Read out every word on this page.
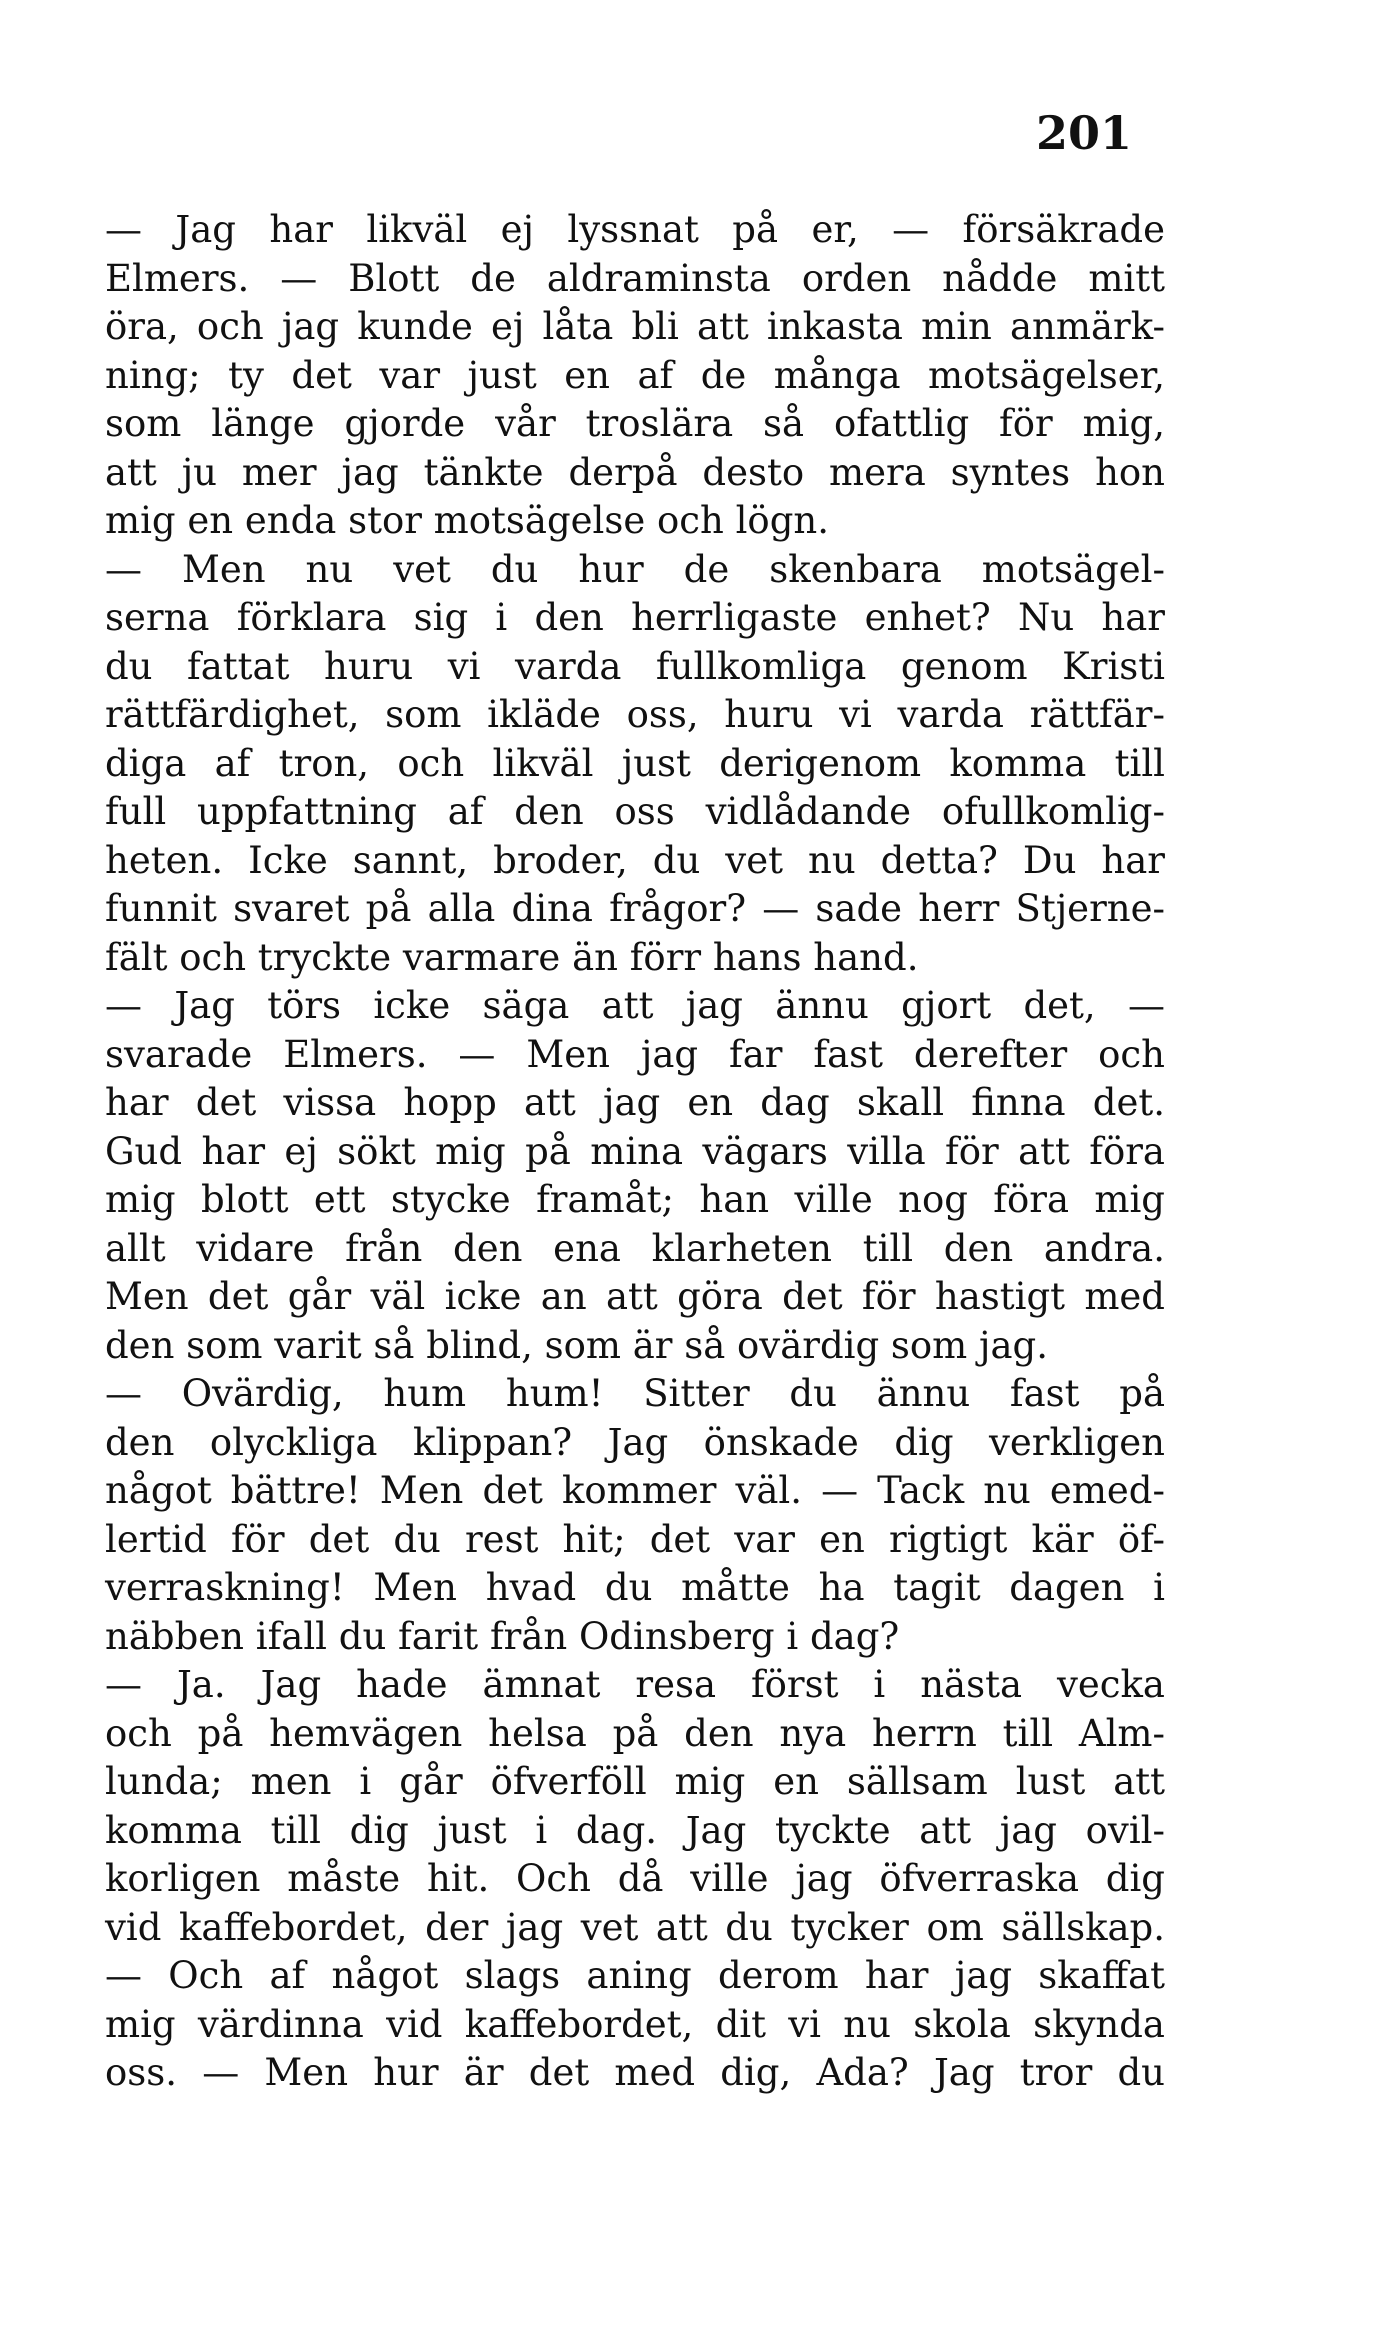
201
— Jag har likväl ej lyssnat på er, — försäkrade
Elmers. — Blott de aldraminsta orden nådde mitt
öra, och jag kunde ej låta bli att inkasta min anmärk-
ning; ty det var just en af de många motsägelser,
som länge gjorde vår troslära så ofattlig för mig,
att ju mer jag tänkte derpå desto mera syntes hon
mig en enda stor motsägelse och lögn.
— Men nu vet du hur de skenbara motsägel-
serna förklara sig i den herrligaste enhet? Nu har
du fattat huru vi varda fullkomliga genom Kristi
rättfärdighet, som ikläde oss, huru vi varda rättfär-
diga af tron, och likväl just derigenom komma till
full uppfattning af den oss vidlådande ofullkomlig-
heten. Icke sannt, broder, du vet nu detta? Du har
funnit svaret på alla dina frågor? — sade herr Stjerne-
fält och tryckte varmare än förr hans hand.
— Jag törs icke säga att jag ännu gjort det, —
svarade Elmers. — Men jag far fast derefter och
har det vissa hopp att jag en dag skall finna det.
Gud har ej sökt mig på mina vägars villa för att föra
mig blott ett stycke framåt; han ville nog föra mig
allt vidare från den ena klarheten till den andra.
Men det går väl icke an att göra det för hastigt med
den som varit så blind, som är så ovärdig som jag.
— Ovärdig, hum hum! Sitter du ännu fast på
den olyckliga klippan? Jag önskade dig verkligen
något bättre! Men det kommer väl. — Tack nu emed-
lertid för det du rest hit; det var en rigtigt kär öf-
verraskning! Men hvad du måtte ha tagit dagen i
näbben ifall du farit från Odinsberg i dag?
— Ja. Jag hade ämnat resa först i nästa vecka
och på hemvägen helsa på den nya herrn till Alm-
lunda; men i går öfverföll mig en sällsam lust att
komma till dig just i dag. Jag tyckte att jag ovil-
korligen måste hit. Och då ville jag öfverraska dig
vid kaffebordet, der jag vet att du tycker om sällskap.
— Och af något slags aning derom har jag skaffat
mig värdinna vid kaffebordet, dit vi nu skola skynda
oss. — Men hur är det med dig, Ada? Jag tror du
